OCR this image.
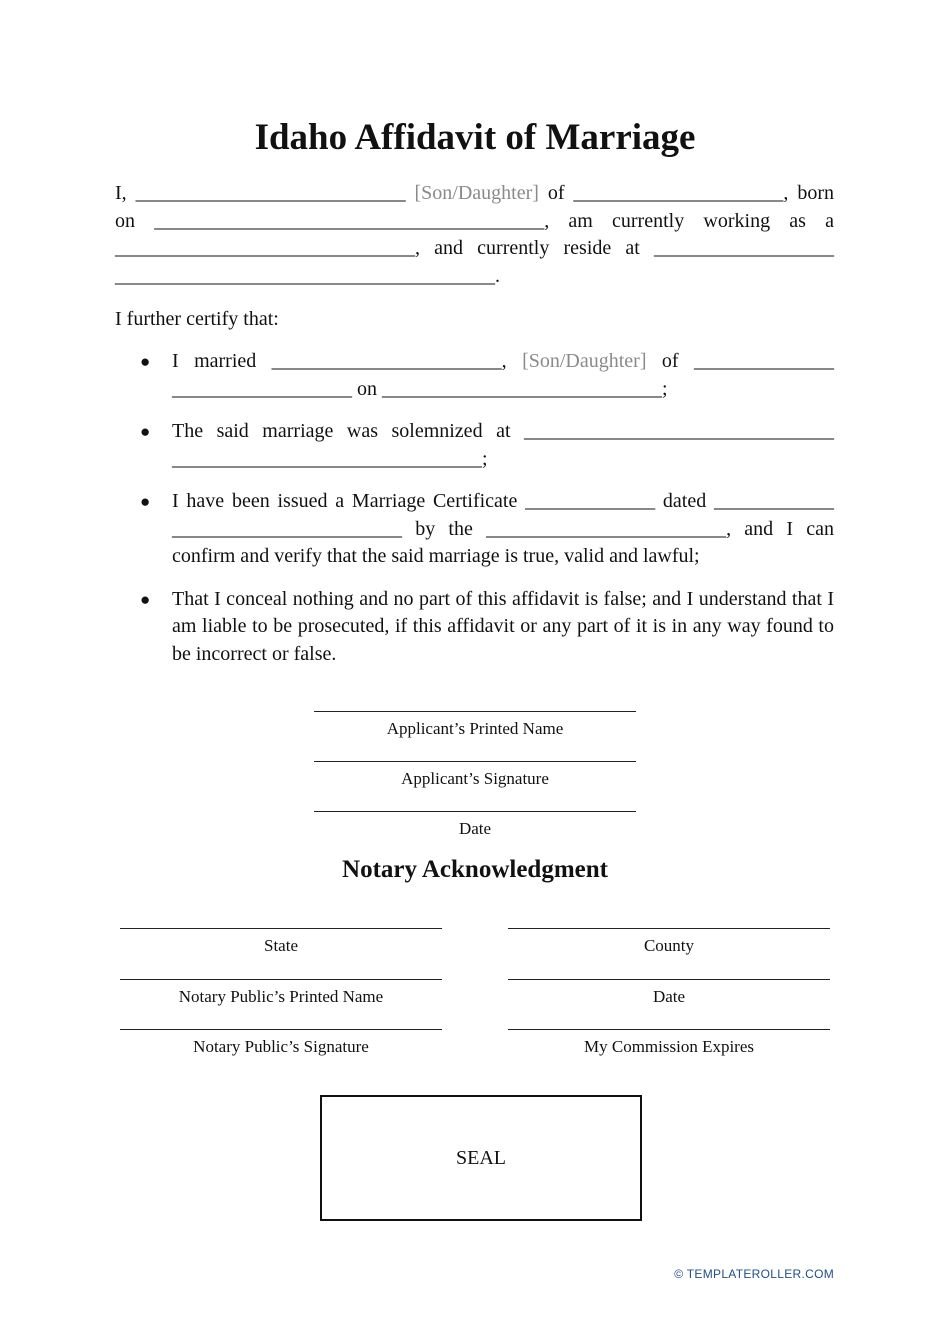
Idaho Affidavit of Marriage
I, ___________________________ [Son/Daughter] of _____________________, born on _______________________________________, am currently working as a ______________________________, and currently reside at __________________ ______________________________________.
I further certify that:
● I married _______________________, [Son/Daughter] of ______________ __________________ on ____________________________;
● The said marriage was solemnized at _______________________________ _______________________________;
● I have been issued a Marriage Certificate _____________ dated ____________ _______________________ by the ________________________, and I can confirm and verify that the said marriage is true, valid and lawful;
● That I conceal nothing and no part of this affidavit is false; and I understand that I am liable to be prosecuted, if this affidavit or any part of it is in any way found to be incorrect or false.
Applicant’s Printed Name
Applicant’s Signature
Date
Notary Acknowledgment
State
Notary Public’s Printed Name
Notary Public’s Signature
County
Date
My Commission Expires
SEAL
© TEMPLATEROLLER.COM
